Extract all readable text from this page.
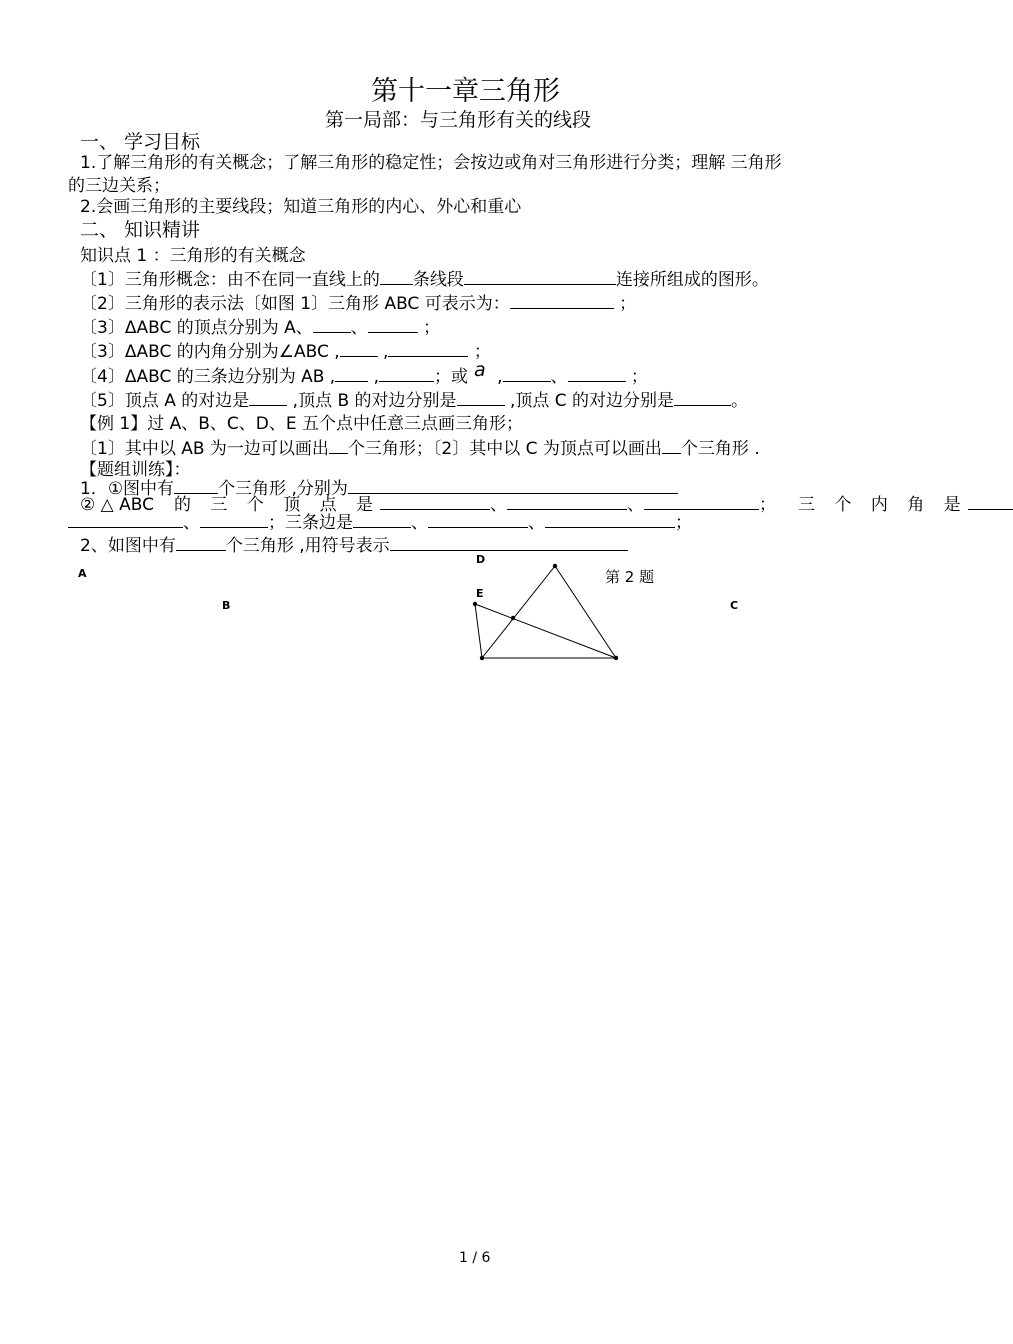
第十一章三角形
第一局部：与三角形有关的线段
一、 学习目标
1.了解三角形的有关概念；了解三角形的稳定性；会按边或角对三角形进行分类；理解 三角形
的三边关系；
2.会画三角形的主要线段；知道三角形的内心、外心和重心
二、 知识精讲
知识点 1 ：三角形的有关概念
〔1〕三角形概念：由不在同一直线上的 条线段	连接所组成的图形。
〔2〕三角形的表示法〔如图 1〕三角形 ABC 可表示为：	；
〔3〕ΔABC 的顶点分别为 A、 、	；
〔3〕ΔABC 的内角分别为∠ABC , ,	；
〔4〕ΔABC 的三条边分别为 AB , ,	；或 a ,	、	；
〔5〕顶点 A 的对边是 ,顶点 B 的对边分别是	,顶点 C 的对边分别是	。
【例 1】过 A、B、C、D、E 五个点中任意三点画三角形；
〔1〕其中以 AB 为一边可以画出 个三角形；〔2〕其中以 C 为顶点可以画出 个三角形 .
【题组训练】：
1．①图中有	个三角形 ,分别为
② △ ABC 的 三 个 顶 点 是	、	、	； 三 个 内 角 是
、	；三条边是	、	、	；
2、如图中有	个三角形 ,用符号表示
A
B	C
D
E
第 2 题
1 / 6
